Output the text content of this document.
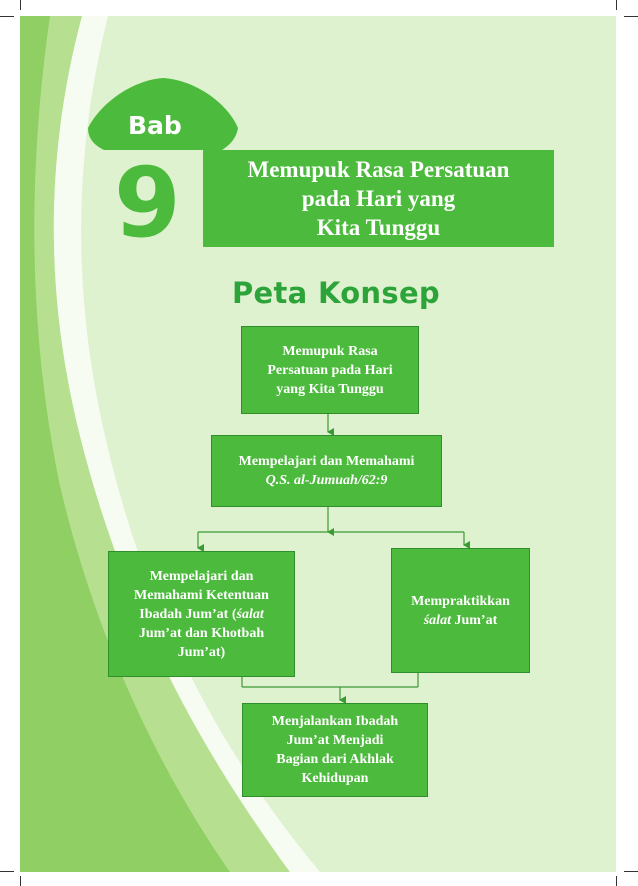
Bab
9	Memupuk Rasa Persatuan
pada Hari yang
Kita Tunggu
Peta Konsep
Memupuk Rasa
Persatuan pada Hari
yang Kita Tunggu
Mempelajari dan Memahami
Q.S. al-Jumuah/62:9
Mempelajari dan
Memahami Ketentuan
Ibadah Jum’at (śalat
Jum’at dan Khotbah
Jum’at)
Mempraktikkan
śalat Jum’at
Menjalankan Ibadah
Jum’at Menjadi
Bagian dari Akhlak
Kehidupan
